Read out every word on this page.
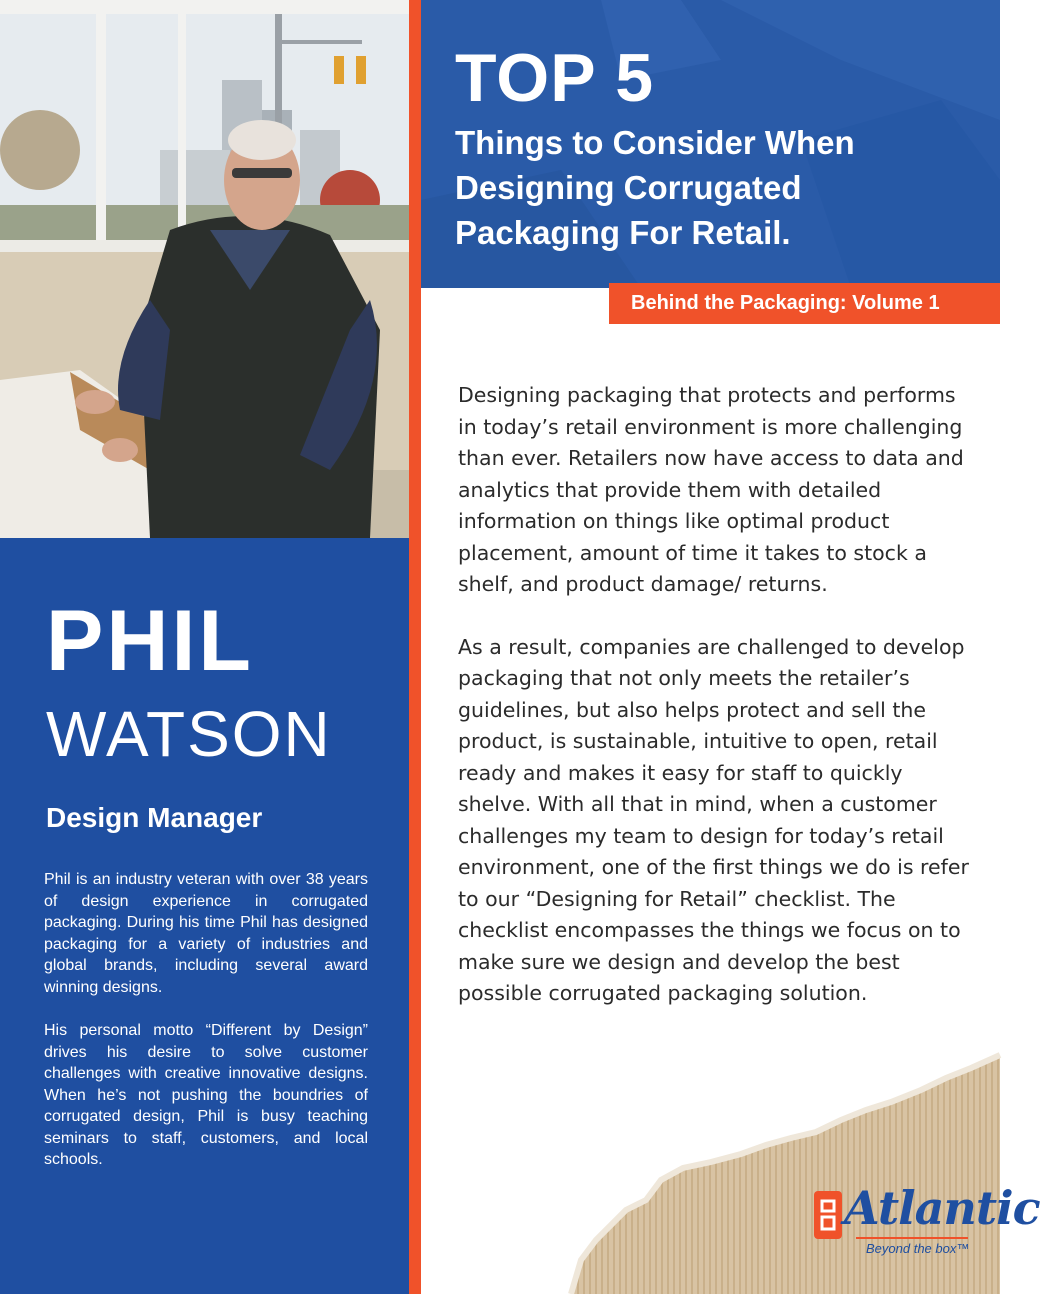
PHIL
WATSON
Design Manager

Phil is an industry veteran with over 38 years of design experience in corrugated packaging. During his time Phil has designed packaging for a variety of industries and global brands, including several award winning designs.

His personal motto “Different by Design” drives his desire to solve customer challenges with creative innovative designs. When he’s not pushing the boundries of corrugated design, Phil is busy teaching seminars to staff, customers, and local schools.

TOP 5
Things to Consider When
Designing Corrugated
Packaging For Retail.
Behind the Packaging: Volume 1

Designing packaging that protects and performs in today’s retail environment is more challenging than ever. Retailers now have access to data and analytics that provide them with detailed information on things like optimal product placement, amount of time it takes to stock a shelf, and product damage/ returns.

As a result, companies are challenged to develop packaging that not only meets the retailer’s guidelines, but also helps protect and sell the product, is sustainable, intuitive to open, retail ready and makes it easy for staff to quickly shelve. With all that in mind, when a customer challenges my team to design for today’s retail environment, one of the first things we do is refer to our “Designing for Retail” checklist. The checklist encompasses the things we focus on to make sure we design and develop the best possible corrugated packaging solution.

Atlantic
Beyond the box™
